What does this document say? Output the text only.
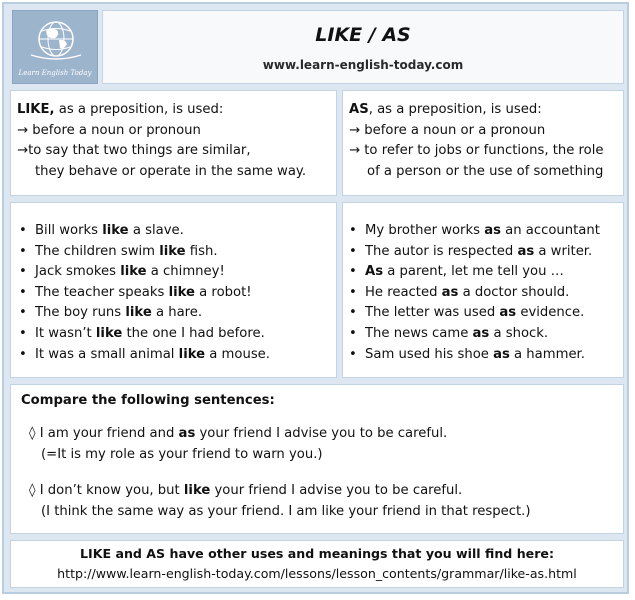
Learn English Today
LIKE / AS
www.learn-english-today.com
LIKE, as a preposition, is used:
→ before a noun or pronoun
→to say that two things are similar,
they behave or operate in the same way.
AS, as a preposition, is used:
→ before a noun or a pronoun
→ to refer to jobs or functions, the role
of a person or the use of something
• Bill works like a slave.
• The children swim like fish.
• Jack smokes like a chimney!
• The teacher speaks like a robot!
• The boy runs like a hare.
• It wasn’t like the one I had before.
• It was a small animal like a mouse.
• My brother works as an accountant
• The autor is respected as a writer.
• As a parent, let me tell you …
• He reacted as a doctor should.
• The letter was used as evidence.
• The news came as a shock.
• Sam used his shoe as a hammer.
Compare the following sentences:
◊ I am your friend and as your friend I advise you to be careful.
(=It is my role as your friend to warn you.)
◊ I don’t know you, but like your friend I advise you to be careful.
(I think the same way as your friend. I am like your friend in that respect.)
LIKE and AS have other uses and meanings that you will find here:
http://www.learn-english-today.com/lessons/lesson_contents/grammar/like-as.html
